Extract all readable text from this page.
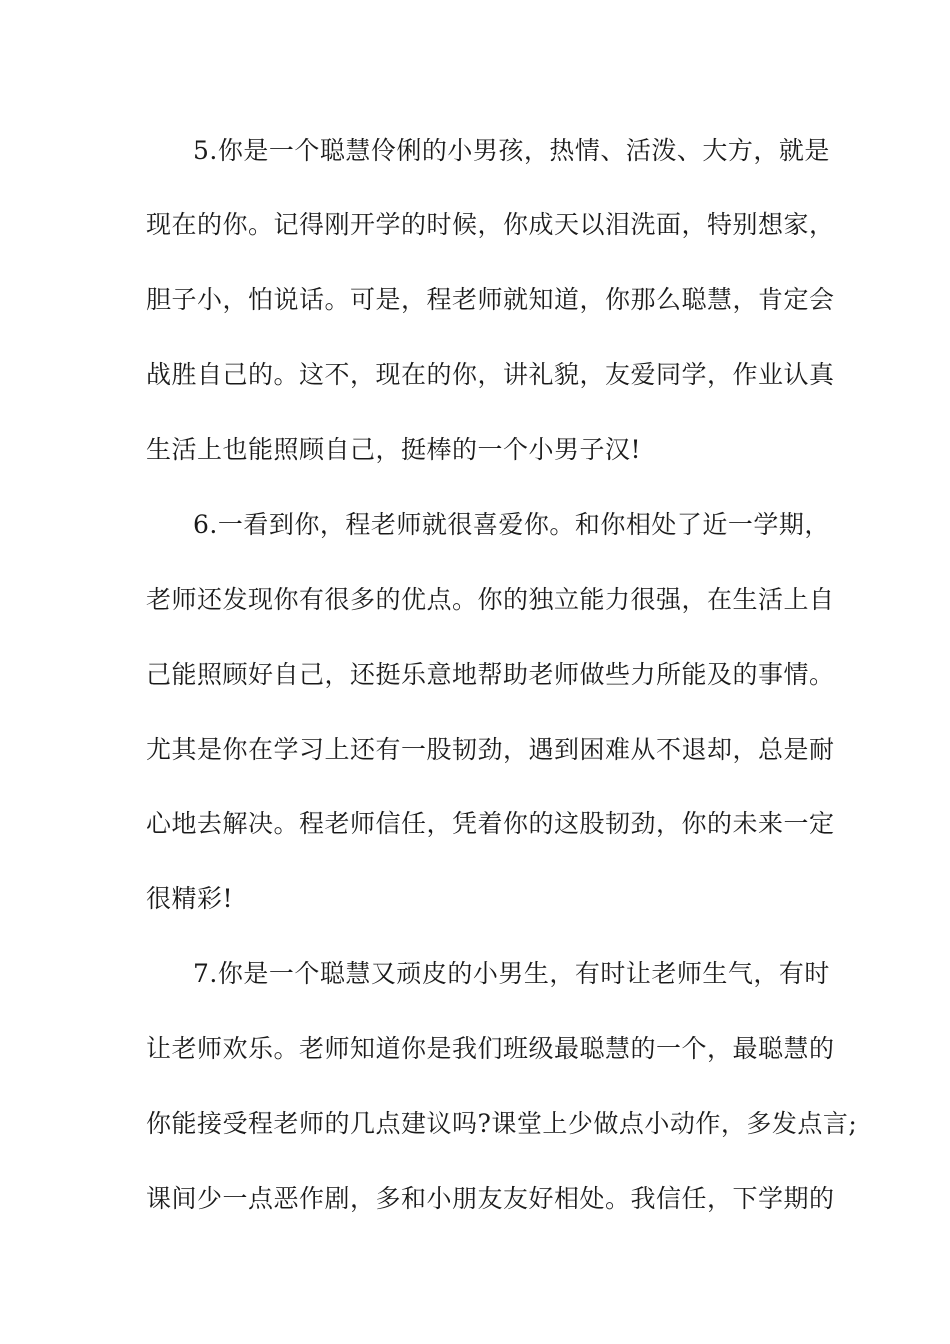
5.你是一个聪慧伶俐的小男孩，热情、活泼、大方，就是
现在的你。记得刚开学的时候，你成天以泪洗面，特别想家，
胆子小，怕说话。可是，程老师就知道，你那么聪慧，肯定会
战胜自己的。这不，现在的你，讲礼貌，友爱同学，作业认真
生活上也能照顾自己，挺棒的一个小男子汉!
6.一看到你，程老师就很喜爱你。和你相处了近一学期，
老师还发现你有很多的优点。你的独立能力很强，在生活上自
己能照顾好自己，还挺乐意地帮助老师做些力所能及的事情。
尤其是你在学习上还有一股韧劲，遇到困难从不退却，总是耐
心地去解决。程老师信任，凭着你的这股韧劲，你的未来一定
很精彩!
7.你是一个聪慧又顽皮的小男生，有时让老师生气，有时
让老师欢乐。老师知道你是我们班级最聪慧的一个，最聪慧的
你能接受程老师的几点建议吗?课堂上少做点小动作，多发点言;
课间少一点恶作剧，多和小朋友友好相处。我信任，下学期的
